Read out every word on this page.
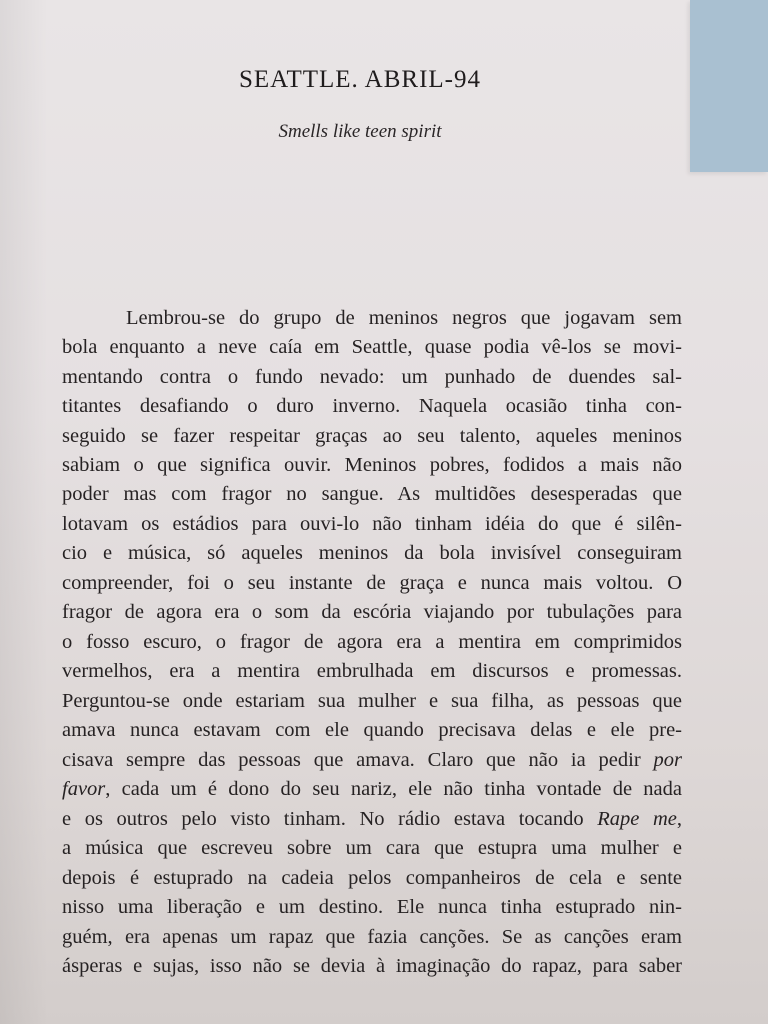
SEATTLE. ABRIL-94
Smells like teen spirit
Lembrou-se do grupo de meninos negros que jogavam sem
bola enquanto a neve caía em Seattle, quase podia vê-los se movi-
mentando contra o fundo nevado: um punhado de duendes sal-
titantes desafiando o duro inverno. Naquela ocasião tinha con-
seguido se fazer respeitar graças ao seu talento, aqueles meninos
sabiam o que significa ouvir. Meninos pobres, fodidos a mais não
poder mas com fragor no sangue. As multidões desesperadas que
lotavam os estádios para ouvi-lo não tinham idéia do que é silên-
cio e música, só aqueles meninos da bola invisível conseguiram
compreender, foi o seu instante de graça e nunca mais voltou. O
fragor de agora era o som da escória viajando por tubulações para
o fosso escuro, o fragor de agora era a mentira em comprimidos
vermelhos, era a mentira embrulhada em discursos e promessas.
Perguntou-se onde estariam sua mulher e sua filha, as pessoas que
amava nunca estavam com ele quando precisava delas e ele pre-
cisava sempre das pessoas que amava. Claro que não ia pedir por
favor, cada um é dono do seu nariz, ele não tinha vontade de nada
e os outros pelo visto tinham. No rádio estava tocando Rape me,
a música que escreveu sobre um cara que estupra uma mulher e
depois é estuprado na cadeia pelos companheiros de cela e sente
nisso uma liberação e um destino. Ele nunca tinha estuprado nin-
guém, era apenas um rapaz que fazia canções. Se as canções eram
ásperas e sujas, isso não se devia à imaginação do rapaz, para saber
